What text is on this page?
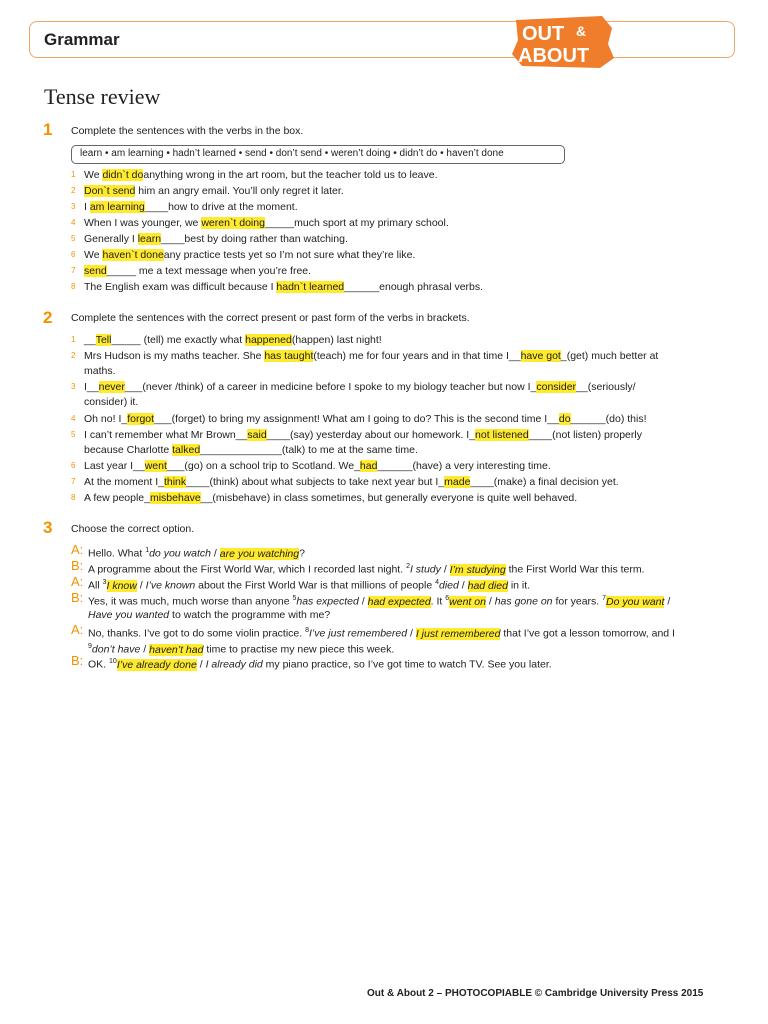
Grammar	OUT &
ABOUT
Tense review
1 Complete the sentences with the verbs in the box.
learn • am learning • hadn’t learned • send • don’t send • weren’t doing • didn’t do • haven’t done
1 We didn`t doanything wrong in the art room, but the teacher told us to leave.
2 Don`t send him an angry email. You’ll only regret it later.
3 I am learning____how to drive at the moment.
4 When I was younger, we weren`t doing_____much sport at my primary school.
5 Generally I learn____best by doing rather than watching.
6 We haven`t doneany practice tests yet so I’m not sure what they’re like.
7 send_____ me a text message when you’re free.
8 The English exam was difficult because I hadn`t learned______enough phrasal verbs.
2 Complete the sentences with the correct present or past form of the verbs in brackets.
1 __Tell_____ (tell) me exactly what happened(happen) last night!
2 Mrs Hudson is my maths teacher. She has taught(teach) me for four years and in that time I__have got_(get) much better at
maths.
3 I__never___(never /think) of a career in medicine before I spoke to my biology teacher but now I_consider__(seriously/
consider) it.
4 Oh no! I_forgot___(forget) to bring my assignment! What am I going to do? This is the second time I__do______(do) this!
5 I can’t remember what Mr Brown__said____(say) yesterday about our homework. I_not listened____(not listen) properly
because Charlotte talked______________(talk) to me at the same time.
6 Last year I__went___(go) on a school trip to Scotland. We_had______(have) a very interesting time.
7 At the moment I_think____(think) about what subjects to take next year but I_made____(make) a final decision yet.
8 A few people_misbehave__(misbehave) in class sometimes, but generally everyone is quite well behaved.
3 Choose the correct option.
A: Hello. What $^1$do you watch / are you watching?
B: A programme about the First World War, which I recorded last night. $^2$I study / I’m studying the First World War this term.
A: All $^3$I know / I’ve known about the First World War is that millions of people $^4$died / had died in it.
B: Yes, it was much, much worse than anyone $^5$has expected / had expected. It $^6$went on / has gone on for years. $^7$Do you want /
Have you wanted to watch the programme with me?
A: No, thanks. I’ve got to do some violin practice. $^8$I’ve just remembered / I just remembered that I’ve got a lesson tomorrow, and I
$^9$don’t have / haven’t had time to practise my new piece this week.
B: OK. $^{10}$I’ve already done / I already did my piano practice, so I’ve got time to watch TV. See you later.
Out & About 2 – PHOTOCOPIABLE © Cambridge University Press 2015
